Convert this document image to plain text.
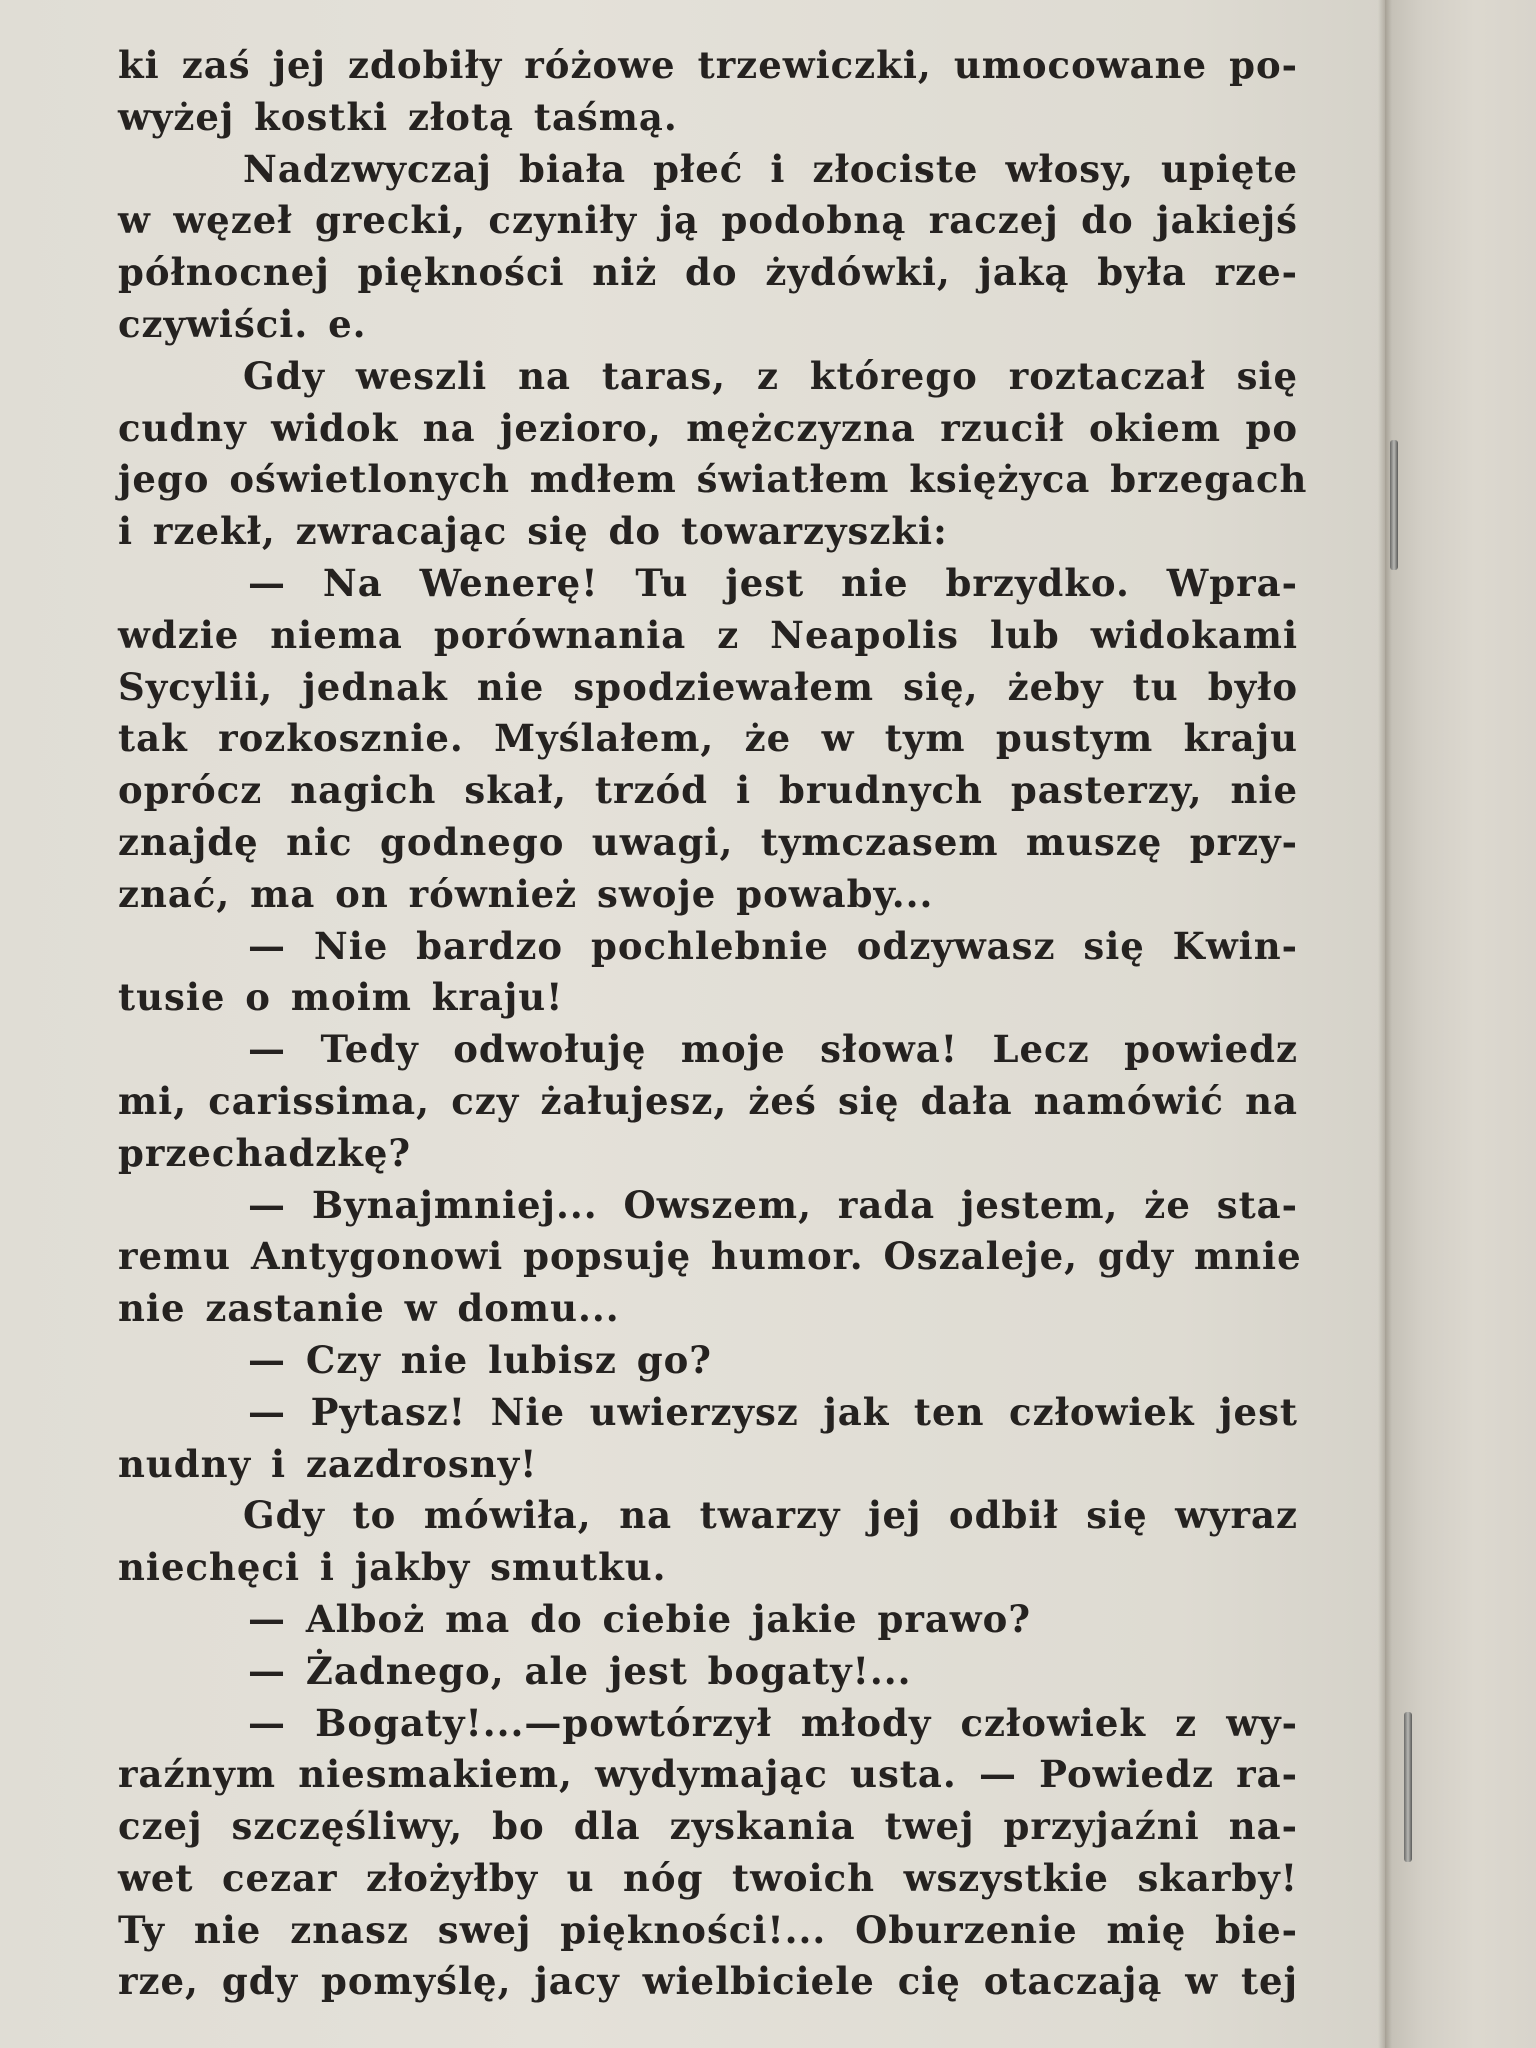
ki zaś jej zdobiły różowe trzewiczki, umocowane po-
wyżej kostki złotą taśmą.
Nadzwyczaj biała płeć i złociste włosy, upięte
w węzeł grecki, czyniły ją podobną raczej do jakiejś
północnej piękności niż do żydówki, jaką była rze-
czywiści. e.
Gdy weszli na taras, z którego roztaczał się
cudny widok na jezioro, mężczyzna rzucił okiem po
jego oświetlonych mdłem światłem księżyca brzegach
i rzekł, zwracając się do towarzyszki:
— Na Wenerę! Tu jest nie brzydko. Wpra-
wdzie niema porównania z Neapolis lub widokami
Sycylii, jednak nie spodziewałem się, żeby tu było
tak rozkosznie. Myślałem, że w tym pustym kraju
oprócz nagich skał, trzód i brudnych pasterzy, nie
znajdę nic godnego uwagi, tymczasem muszę przy-
znać, ma on również swoje powaby...
— Nie bardzo pochlebnie odzywasz się Kwin-
tusie o moim kraju!
— Tedy odwołuję moje słowa! Lecz powiedz
mi, carissima, czy żałujesz, żeś się dała namówić na
przechadzkę?
— Bynajmniej... Owszem, rada jestem, że sta-
remu Antygonowi popsuję humor. Oszaleje, gdy mnie
nie zastanie w domu...
— Czy nie lubisz go?
— Pytasz! Nie uwierzysz jak ten człowiek jest
nudny i zazdrosny!
Gdy to mówiła, na twarzy jej odbił się wyraz
niechęci i jakby smutku.
— Alboż ma do ciebie jakie prawo?
— Żadnego, ale jest bogaty!...
— Bogaty!...—powtórzył młody człowiek z wy-
raźnym niesmakiem, wydymając usta. — Powiedz ra-
czej szczęśliwy, bo dla zyskania twej przyjaźni na-
wet cezar złożyłby u nóg twoich wszystkie skarby!
Ty nie znasz swej piękności!... Oburzenie mię bie-
rze, gdy pomyślę, jacy wielbiciele cię otaczają w tej
